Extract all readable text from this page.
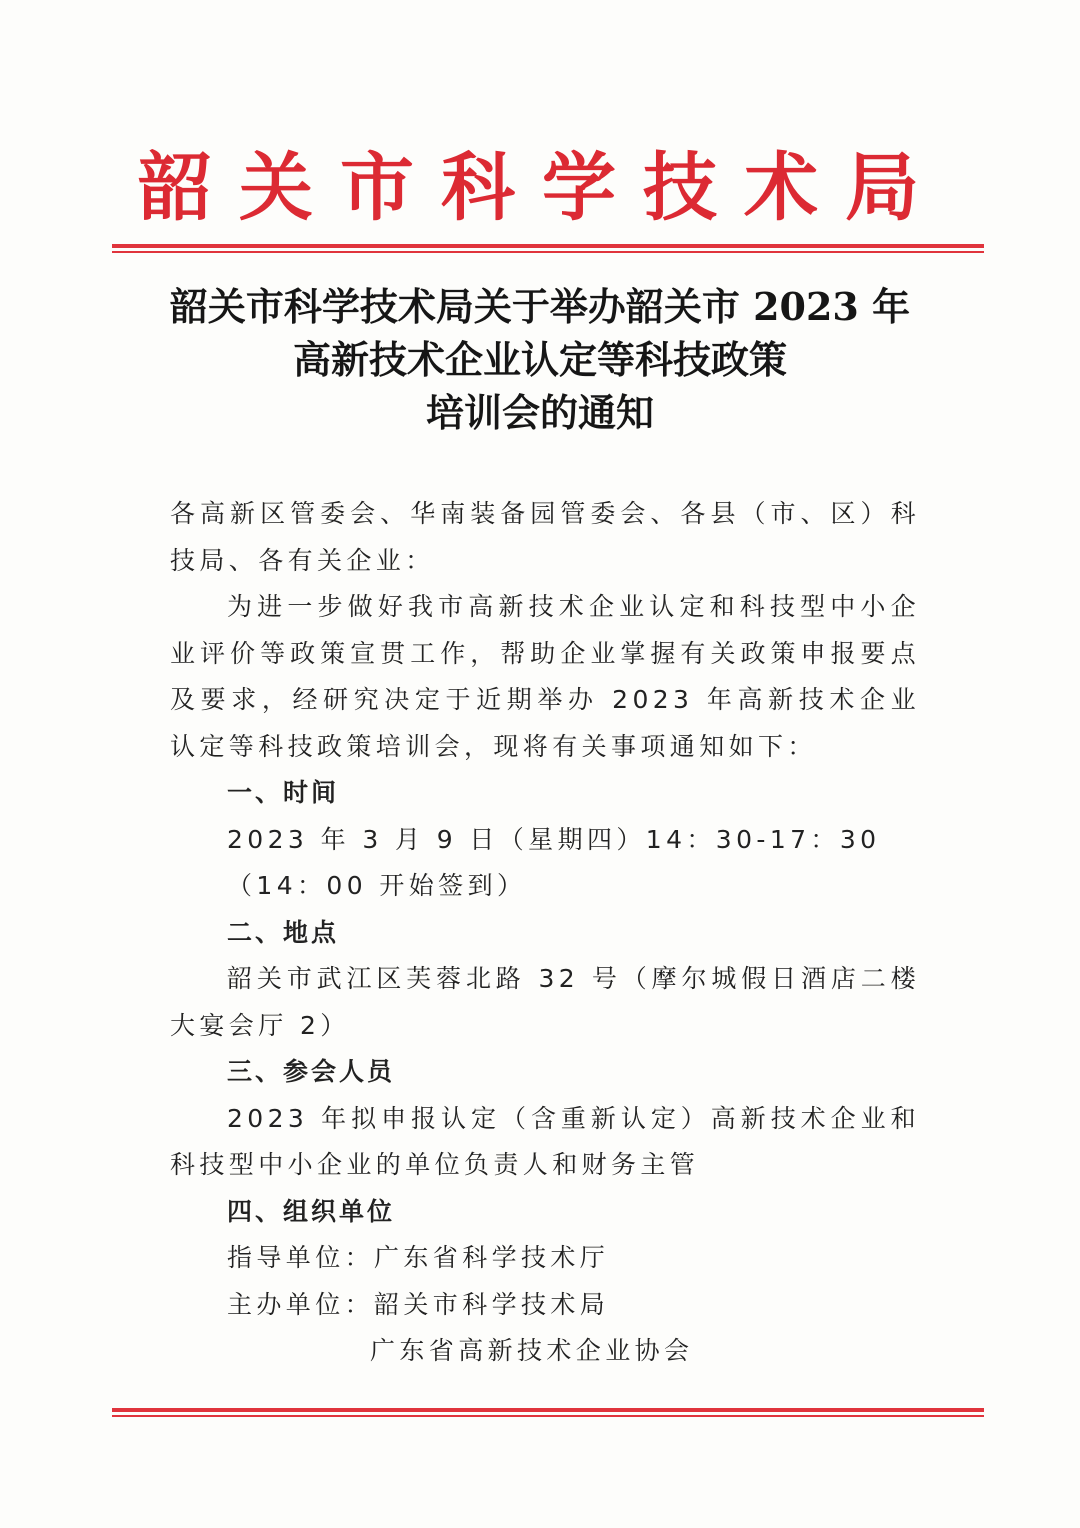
韶关市科学技术局
韶关市科学技术局关于举办韶关市 2023 年
高新技术企业认定等科技政策
培训会的通知

各高新区管委会、华南装备园管委会、各县（市、区）科技局、各有关企业：

为进一步做好我市高新技术企业认定和科技型中小企业评价等政策宣贯工作，帮助企业掌握有关政策申报要点及要求，经研究决定于近期举办 2023 年高新技术企业认定等科技政策培训会，现将有关事项通知如下：

一、时间

2023 年 3 月 9 日（星期四）14：30-17：30

（14：00 开始签到）

二、地点

韶关市武江区芙蓉北路 32 号（摩尔城假日酒店二楼大宴会厅 2）

三、参会人员

2023 年拟申报认定（含重新认定）高新技术企业和科技型中小企业的单位负责人和财务主管

四、组织单位

指导单位：广东省科学技术厅

主办单位：韶关市科学技术局

广东省高新技术企业协会
